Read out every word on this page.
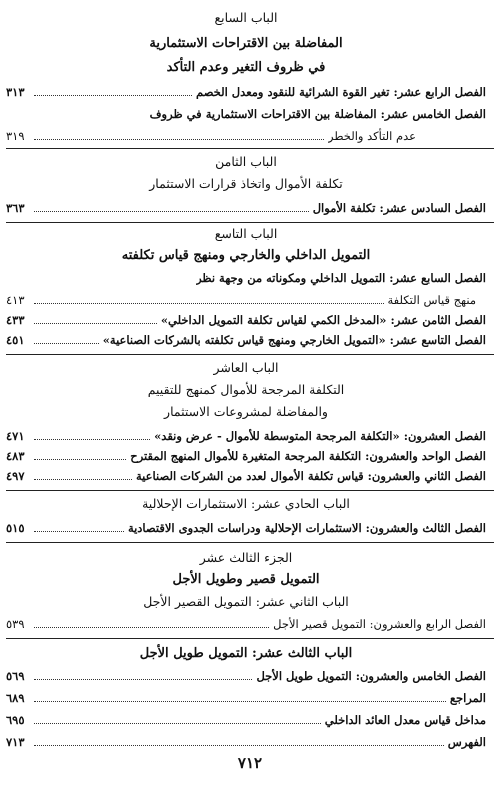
الباب السابع
المفاضلة بين الاقتراحات الاستثمارية
في ظروف التغير وعدم التأكد
الفصل الرابع عشر: تغير القوة الشرائية للنقود ومعدل الخصم
٣١٣
الفصل الخامس عشر: المفاضلة بين الاقتراحات الاستثمارية في ظروف
عدم التأكد والخطر
٣١٩
الباب الثامن
تكلفة الأموال واتخاذ قرارات الاستثمار
الفصل السادس عشر: تكلفة الأموال
٣٦٣
الباب التاسع
التمويل الداخلي والخارجي ومنهج قياس تكلفته
الفصل السابع عشر: التمويل الداخلي ومكوناته من وجهة نظر
منهج قياس التكلفة
٤١٣
الفصل الثامن عشر: «المدخل الكمي لقياس تكلفة التمويل الداخلي»
٤٣٣
الفصل التاسع عشر: «التمويل الخارجي ومنهج قياس تكلفته بالشركات الصناعية»
٤٥١
الباب العاشر
التكلفة المرجحة للأموال كمنهج للتقييم
والمفاضلة لمشروعات الاستثمار
الفصل العشرون: «التكلفة المرجحة المتوسطة للأموال - عرض ونقد»
٤٧١
الفصل الواحد والعشرون: التكلفة المرجحة المتغيرة للأموال المنهج المقترح
٤٨٣
الفصل الثاني والعشرون: قياس تكلفة الأموال لعدد من الشركات الصناعية
٤٩٧
الباب الحادي عشر: الاستثمارات الإحلالية
الفصل الثالث والعشرون: الاستثمارات الإحلالية ودراسات الجدوى الاقتصادية
٥١٥
الجزء الثالث عشر
التمويل قصير وطويل الأجل
الباب الثاني عشر: التمويل القصير الأجل
الفصل الرابع والعشرون: التمويل قصير الأجل
٥٣٩
الباب الثالث عشر: التمويل طويل الأجل
الفصل الخامس والعشرون: التمويل طويل الأجل
٥٦٩
المراجع
٦٨٩
مداخل قياس معدل العائد الداخلي
٦٩٥
الفهرس
٧١٣
٧١٢
